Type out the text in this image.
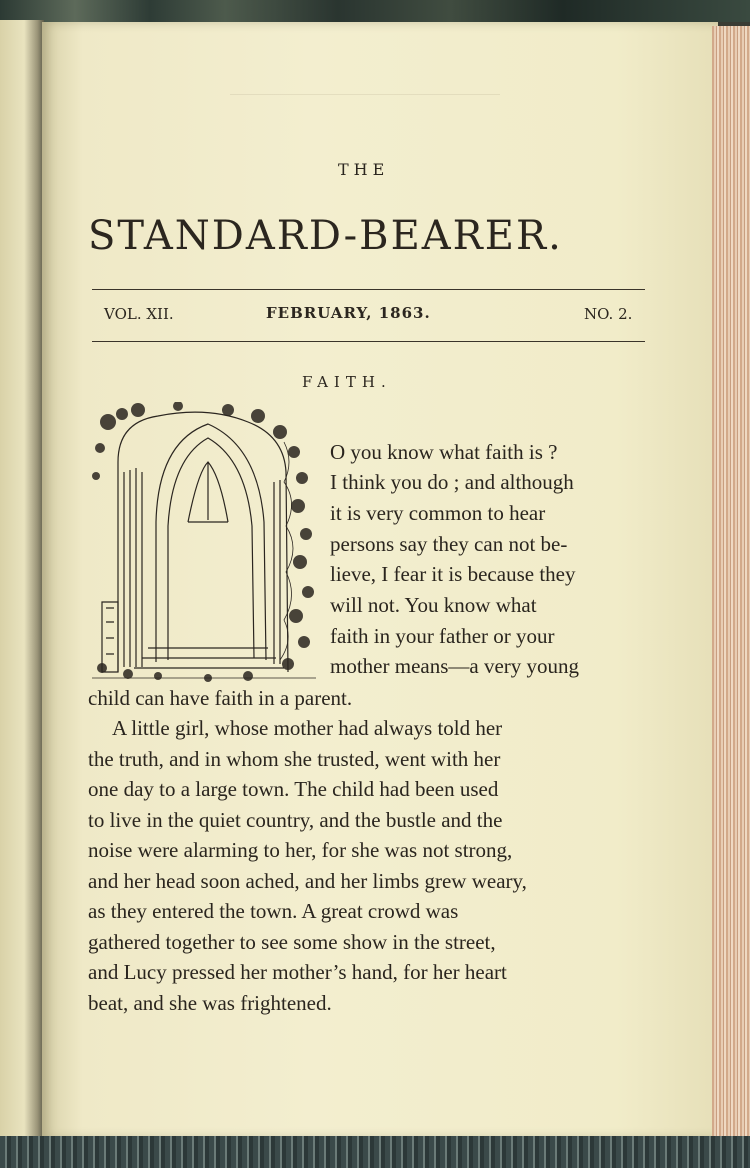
THE
STANDARD-BEARER.
VOL. XII.	FEBRUARY, 1863.	NO. 2.
FAITH.
O you know what faith is ?
I think you do ; and although
it is very common to hear
persons say they can not be-
lieve, I fear it is because they
will not. You know what
faith in your father or your
mother means—a very young
child can have faith in a parent.
A little girl, whose mother had always told her
the truth, and in whom she trusted, went with her
one day to a large town. The child had been used
to live in the quiet country, and the bustle and the
noise were alarming to her, for she was not strong,
and her head soon ached, and her limbs grew weary,
as they entered the town. A great crowd was
gathered together to see some show in the street,
and Lucy pressed her mother’s hand, for her heart
beat, and she was frightened.
